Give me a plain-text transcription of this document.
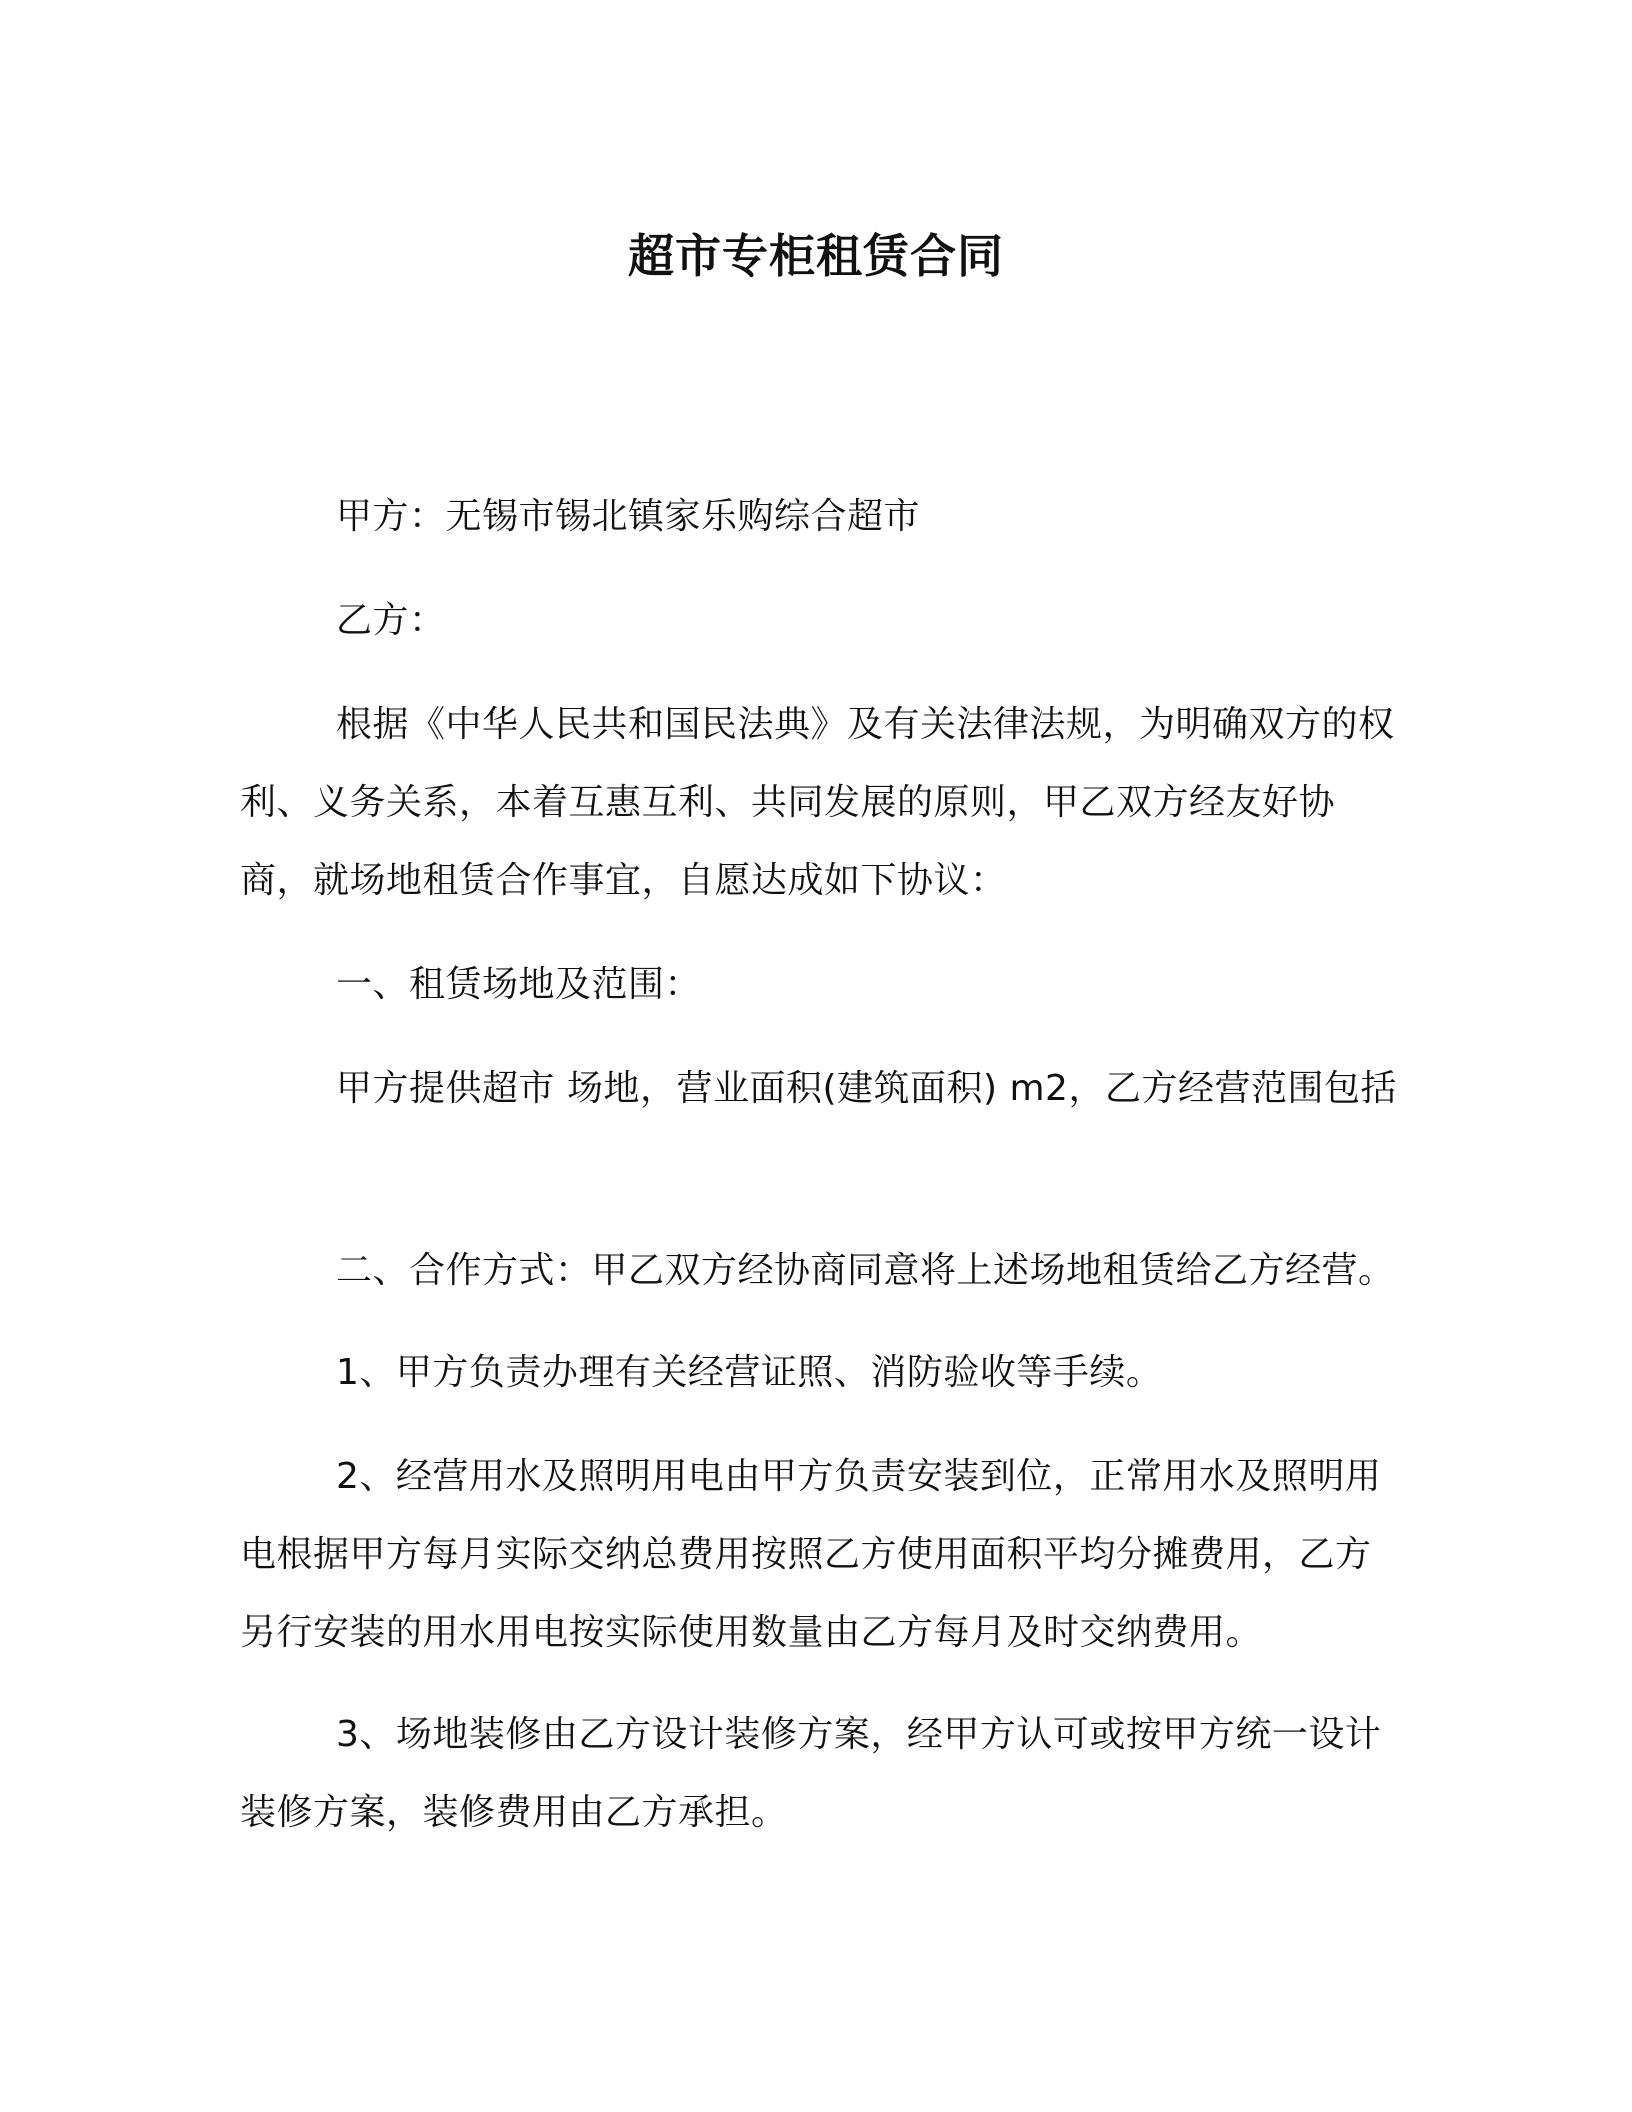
超市专柜租赁合同
甲方：无锡市锡北镇家乐购综合超市
乙方：
根据《中华人民共和国民法典》及有关法律法规，为明确双方的权利、义务关系，本着互惠互利、共同发展的原则，甲乙双方经友好协商，就场地租赁合作事宜，自愿达成如下协议：
一、租赁场地及范围：
甲方提供超市 场地，营业面积(建筑面积) m2，乙方经营范围包括
二、合作方式：甲乙双方经协商同意将上述场地租赁给乙方经营。
1、甲方负责办理有关经营证照、消防验收等手续。
2、经营用水及照明用电由甲方负责安装到位，正常用水及照明用电根据甲方每月实际交纳总费用按照乙方使用面积平均分摊费用，乙方另行安装的用水用电按实际使用数量由乙方每月及时交纳费用。
3、场地装修由乙方设计装修方案，经甲方认可或按甲方统一设计装修方案，装修费用由乙方承担。
